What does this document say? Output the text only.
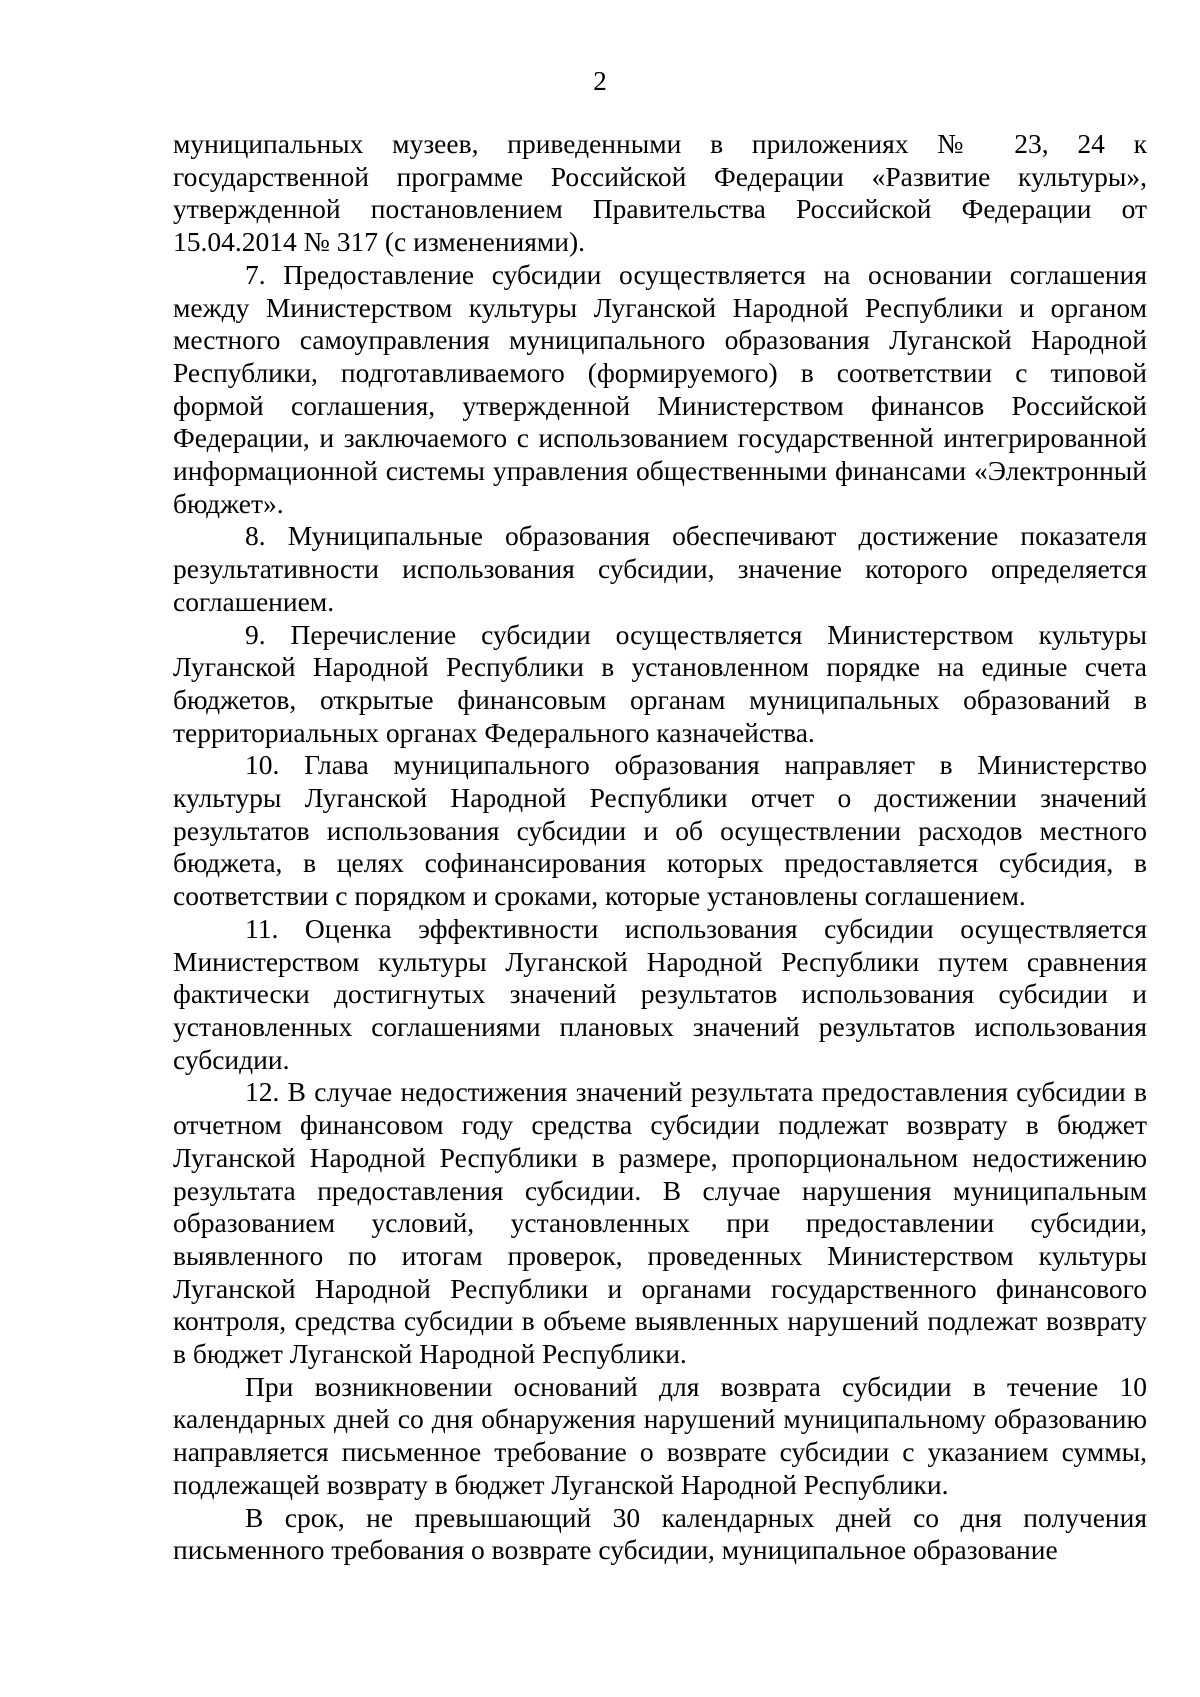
2

муниципальных музеев, приведенными в приложениях № 23, 24 к государственной программе Российской Федерации «Развитие культуры», утвержденной постановлением Правительства Российской Федерации от 15.04.2014 № 317 (с изменениями).

7. Предоставление субсидии осуществляется на основании соглашения между Министерством культуры Луганской Народной Республики и органом местного самоуправления муниципального образования Луганской Народной Республики, подготавливаемого (формируемого) в соответствии с типовой формой соглашения, утвержденной Министерством финансов Российской Федерации, и заключаемого с использованием государственной интегрированной информационной системы управления общественными финансами «Электронный бюджет».

8. Муниципальные образования обеспечивают достижение показателя результативности использования субсидии, значение которого определяется соглашением.

9. Перечисление субсидии осуществляется Министерством культуры Луганской Народной Республики в установленном порядке на единые счета бюджетов, открытые финансовым органам муниципальных образований в территориальных органах Федерального казначейства.

10. Глава муниципального образования направляет в Министерство культуры Луганской Народной Республики отчет о достижении значений результатов использования субсидии и об осуществлении расходов местного бюджета, в целях софинансирования которых предоставляется субсидия, в соответствии с порядком и сроками, которые установлены соглашением.

11. Оценка эффективности использования субсидии осуществляется Министерством культуры Луганской Народной Республики путем сравнения фактически достигнутых значений результатов использования субсидии и установленных соглашениями плановых значений результатов использования субсидии.

12. В случае недостижения значений результата предоставления субсидии в отчетном финансовом году средства субсидии подлежат возврату в бюджет Луганской Народной Республики в размере, пропорциональном недостижению результата предоставления субсидии. В случае нарушения муниципальным образованием условий, установленных при предоставлении субсидии, выявленного по итогам проверок, проведенных Министерством культуры Луганской Народной Республики и органами государственного финансового контроля, средства субсидии в объеме выявленных нарушений подлежат возврату в бюджет Луганской Народной Республики.

При возникновении оснований для возврата субсидии в течение 10 календарных дней со дня обнаружения нарушений муниципальному образованию направляется письменное требование о возврате субсидии с указанием суммы, подлежащей возврату в бюджет Луганской Народной Республики.

В срок, не превышающий 30 календарных дней со дня получения письменного требования о возврате субсидии, муниципальное образование
